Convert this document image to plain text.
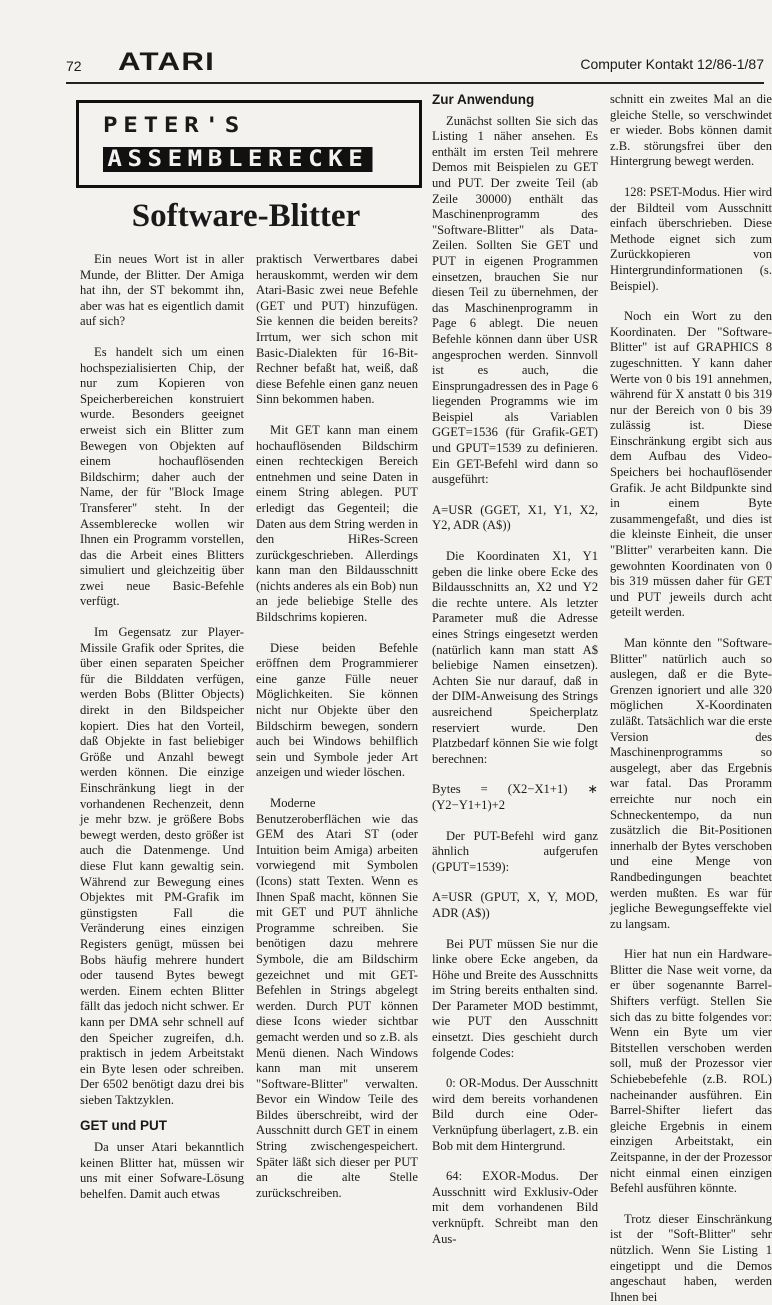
72 ATARI	Computer Kontakt 12/86-1/87
PETER'S
ASSEMBLERECKE
Software-Blitter

Ein neues Wort ist in aller Munde, der Blitter. Der Amiga hat ihn, der ST bekommt ihn, aber was hat es eigentlich damit auf sich?

Es handelt sich um einen hochspezialisierten Chip, der nur zum Kopieren von Speicherbereichen konstruiert wurde. Besonders geeignet erweist sich ein Blitter zum Bewegen von Objekten auf einem hochauflösenden Bildschirm; daher auch der Name, der für "Block Image Transferer" steht. In der Assemblerecke wollen wir Ihnen ein Programm vorstellen, das die Arbeit eines Blitters simuliert und gleichzeitig über zwei neue Basic-Befehle verfügt.

Im Gegensatz zur Player-Missile Grafik oder Sprites, die über einen separaten Speicher für die Bilddaten verfügen, werden Bobs (Blitter Objects) direkt in den Bildspeicher kopiert. Dies hat den Vorteil, daß Objekte in fast beliebiger Größe und Anzahl bewegt werden können. Die einzige Einschränkung liegt in der vorhandenen Rechenzeit, denn je mehr bzw. je größere Bobs bewegt werden, desto größer ist auch die Datenmenge. Und diese Flut kann gewaltig sein. Während zur Bewegung eines Objektes mit PM-Grafik im günstigsten Fall die Veränderung eines einzigen Registers genügt, müssen bei Bobs häufig mehrere hundert oder tausend Bytes bewegt werden. Einem echten Blitter fällt das jedoch nicht schwer. Er kann per DMA sehr schnell auf den Speicher zugreifen, d.h. praktisch in jedem Arbeitstakt ein Byte lesen oder schreiben. Der 6502 benötigt dazu drei bis sieben Taktzyklen.

GET und PUT

Da unser Atari bekanntlich keinen Blitter hat, müssen wir uns mit einer Sofware-Lösung behelfen. Damit auch etwas

praktisch Verwertbares dabei herauskommt, werden wir dem Atari-Basic zwei neue Befehle (GET und PUT) hinzufügen. Sie kennen die beiden bereits? Irrtum, wer sich schon mit Basic-Dialekten für 16-Bit-Rechner befaßt hat, weiß, daß diese Befehle einen ganz neuen Sinn bekommen haben.

Mit GET kann man einem hochauflösenden Bildschirm einen rechteckigen Bereich entnehmen und seine Daten in einem String ablegen. PUT erledigt das Gegenteil; die Daten aus dem String werden in den HiRes-Screen zurückgeschrieben. Allerdings kann man den Bildausschnitt (nichts anderes als ein Bob) nun an jede beliebige Stelle des Bildschrims kopieren.

Diese beiden Befehle eröffnen dem Programmierer eine ganze Fülle neuer Möglichkeiten. Sie können nicht nur Objekte über den Bildschirm bewegen, sondern auch bei Windows behilflich sein und Symbole jeder Art anzeigen und wieder löschen.

Moderne Benutzeroberflächen wie das GEM des Atari ST (oder Intuition beim Amiga) arbeiten vorwiegend mit Symbolen (Icons) statt Texten. Wenn es Ihnen Spaß macht, können Sie mit GET und PUT ähnliche Programme schreiben. Sie benötigen dazu mehrere Symbole, die am Bildschirm gezeichnet und mit GET-Befehlen in Strings abgelegt werden. Durch PUT können diese Icons wieder sichtbar gemacht werden und so z.B. als Menü dienen. Nach Windows kann man mit unserem "Software-Blitter" verwalten. Bevor ein Window Teile des Bildes überschreibt, wird der Ausschnitt durch GET in einem String zwischengespeichert. Später läßt sich dieser per PUT an die alte Stelle zurückschreiben.

Zur Anwendung

Zunächst sollten Sie sich das Listing 1 näher ansehen. Es enthält im ersten Teil mehrere Demos mit Beispielen zu GET und PUT. Der zweite Teil (ab Zeile 30000) enthält das Maschinenprogramm des "Software-Blitter" als Data-Zeilen. Sollten Sie GET und PUT in eigenen Programmen einsetzen, brauchen Sie nur diesen Teil zu übernehmen, der das Maschinenprogramm in Page 6 ablegt. Die neuen Befehle können dann über USR angesprochen werden. Sinnvoll ist es auch, die Einsprungadressen des in Page 6 liegenden Programms wie im Beispiel als Variablen GGET=1536 (für Grafik-GET) und GPUT=1539 zu definieren. Ein GET-Befehl wird dann so ausgeführt:

A=USR (GGET, X1, Y1, X2, Y2, ADR (A$))

Die Koordinaten X1, Y1 geben die linke obere Ecke des Bildausschnitts an, X2 und Y2 die rechte untere. Als letzter Parameter muß die Adresse eines Strings eingesetzt werden (natürlich kann man statt A$ beliebige Namen einsetzen). Achten Sie nur darauf, daß in der DIM-Anweisung des Strings ausreichend Speicherplatz reserviert wurde. Den Platzbedarf können Sie wie folgt berechnen:

Bytes = (X2−X1+1) ∗ (Y2−Y1+1)+2

Der PUT-Befehl wird ganz ähnlich aufgerufen (GPUT=1539):

A=USR (GPUT, X, Y, MOD, ADR (A$))

Bei PUT müssen Sie nur die linke obere Ecke angeben, da Höhe und Breite des Ausschnitts im String bereits enthalten sind. Der Parameter MOD bestimmt, wie PUT den Ausschnitt einsetzt. Dies geschieht durch folgende Codes:

0: OR-Modus. Der Ausschnitt wird dem bereits vorhandenen Bild durch eine Oder-Verknüpfung überlagert, z.B. ein Bob mit dem Hintergrund.

64: EXOR-Modus. Der Ausschnitt wird Exklusiv-Oder mit dem vorhandenen Bild verknüpft. Schreibt man den Aus-

schnitt ein zweites Mal an die gleiche Stelle, so verschwindet er wieder. Bobs können damit z.B. störungsfrei über den Hintergrung bewegt werden.

128: PSET-Modus. Hier wird der Bildteil vom Ausschnitt einfach überschrieben. Diese Methode eignet sich zum Zurückkopieren von Hintergrundinformationen (s. Beispiel).

Noch ein Wort zu den Koordinaten. Der "Software-Blitter" ist auf GRAPHICS 8 zugeschnitten. Y kann daher Werte von 0 bis 191 annehmen, während für X anstatt 0 bis 319 nur der Bereich von 0 bis 39 zulässig ist. Diese Einschränkung ergibt sich aus dem Aufbau des Video-Speichers bei hochauflösender Grafik. Je acht Bildpunkte sind in einem Byte zusammengefaßt, und dies ist die kleinste Einheit, die unser "Blitter" verarbeiten kann. Die gewohnten Koordinaten von 0 bis 319 müssen daher für GET und PUT jeweils durch acht geteilt werden.

Man könnte den "Software-Blitter" natürlich auch so auslegen, daß er die Byte-Grenzen ignoriert und alle 320 möglichen X-Koordinaten zuläßt. Tatsächlich war die erste Version des Maschinenprogramms so ausgelegt, aber das Ergebnis war fatal. Das Proramm erreichte nur noch ein Schneckentempo, da nun zusätzlich die Bit-Positionen innerhalb der Bytes verschoben und eine Menge von Randbedingungen beachtet werden mußten. Es war für jegliche Bewegungseffekte viel zu langsam.

Hier hat nun ein Hardware-Blitter die Nase weit vorne, da er über sogenannte Barrel-Shifters verfügt. Stellen Sie sich das zu bitte folgendes vor: Wenn ein Byte um vier Bitstellen verschoben werden soll, muß der Prozessor vier Schiebebefehle (z.B. ROL) nacheinander ausführen. Ein Barrel-Shifter liefert das gleiche Ergebnis in einem einzigen Arbeitstakt, ein Zeitspanne, in der der Prozessor nicht einmal einen einzigen Befehl ausführen könnte.

Trotz dieser Einschränkung ist der "Soft-Blitter" sehr nützlich. Wenn Sie Listing 1 eingetippt und die Demos angeschaut haben, werden Ihnen bei
